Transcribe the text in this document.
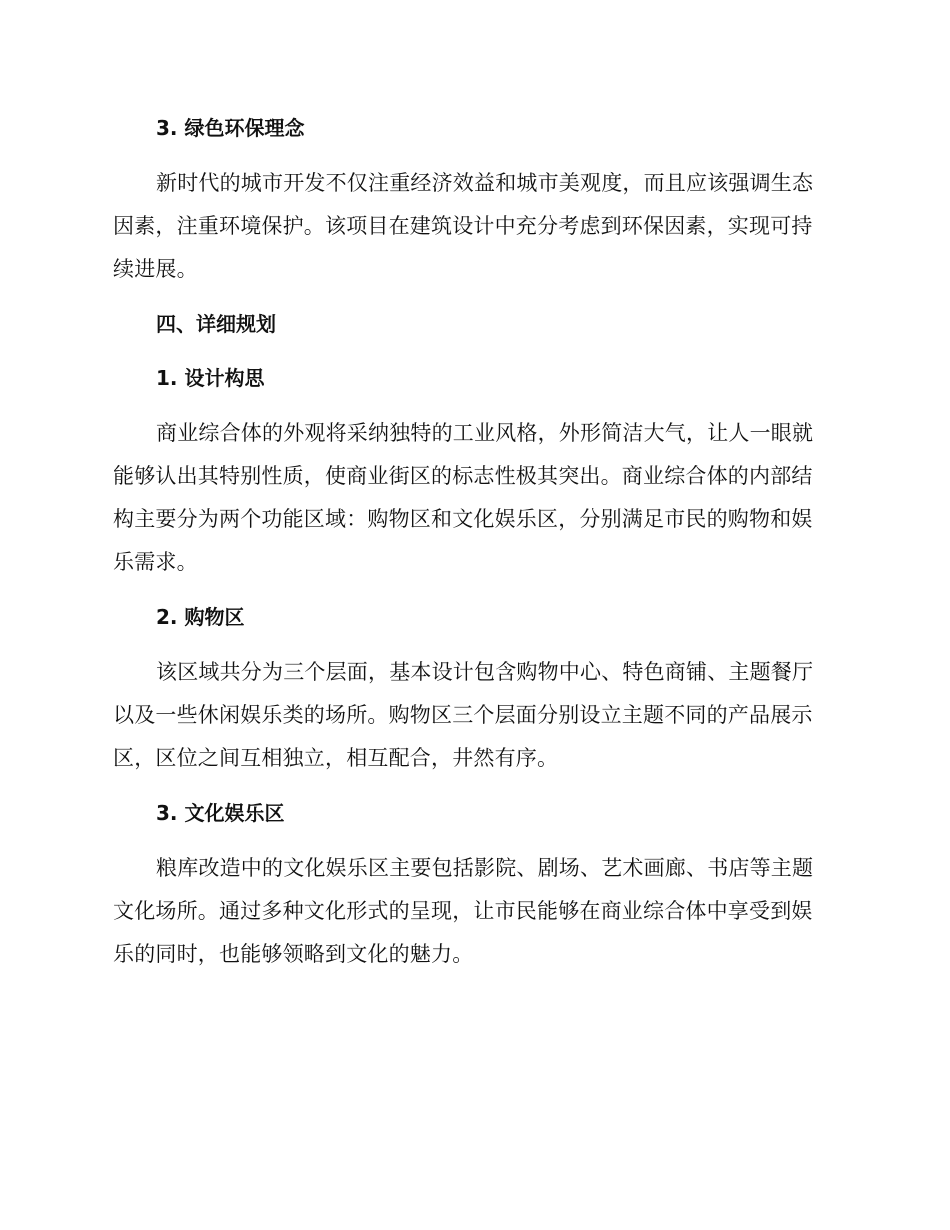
3. 绿色环保理念
新时代的城市开发不仅注重经济效益和城市美观度，而且应该强调生态
因素，注重环境保护。该项目在建筑设计中充分考虑到环保因素，实现可持
续进展。
四、详细规划
1. 设计构思
商业综合体的外观将采纳独特的工业风格，外形简洁大气，让人一眼就
能够认出其特别性质，使商业街区的标志性极其突出。商业综合体的内部结
构主要分为两个功能区域：购物区和文化娱乐区，分别满足市民的购物和娱
乐需求。
2. 购物区
该区域共分为三个层面，基本设计包含购物中心、特色商铺、主题餐厅
以及一些休闲娱乐类的场所。购物区三个层面分别设立主题不同的产品展示
区，区位之间互相独立，相互配合，井然有序。
3. 文化娱乐区
粮库改造中的文化娱乐区主要包括影院、剧场、艺术画廊、书店等主题
文化场所。通过多种文化形式的呈现，让市民能够在商业综合体中享受到娱
乐的同时，也能够领略到文化的魅力。
